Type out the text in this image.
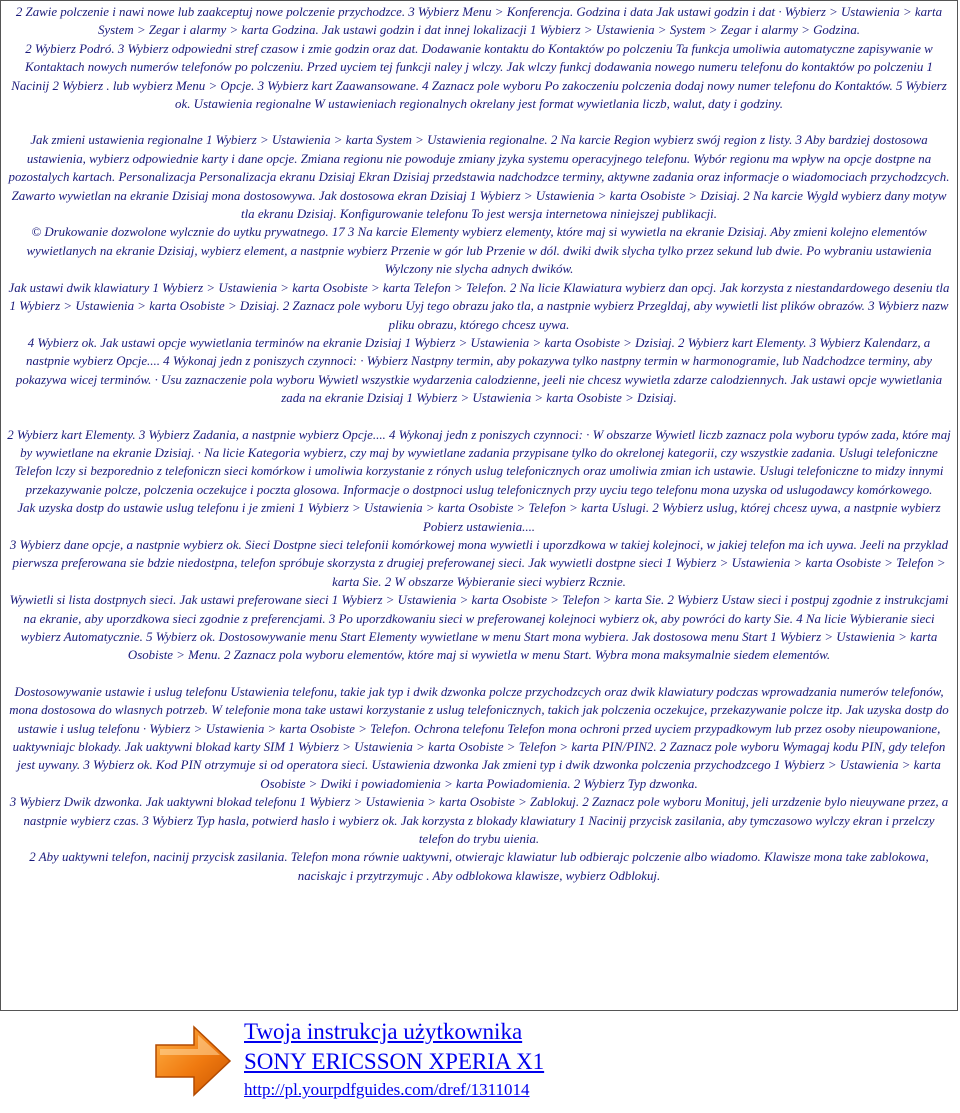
2 Zawie polczenie i nawi nowe lub zaakceptuj nowe polczenie przychodzce. 3 Wybierz Menu > Konferencja. Godzina i data Jak ustawi godzin i dat · Wybierz > Ustawienia > karta System > Zegar i alarmy > karta Godzina. Jak ustawi godzin i dat innej lokalizacji 1 Wybierz > Ustawienia > System > Zegar i alarmy > Godzina.

2 Wybierz Podró. 3 Wybierz odpowiedni stref czasow i zmie godzin oraz dat. Dodawanie kontaktu do Kontaktów po polczeniu Ta funkcja umoliwia automatyczne zapisywanie w Kontaktach nowych numerów telefonów po polczeniu. Przed uyciem tej funkcji naley j wlczy. Jak wlczy funkcj dodawania nowego numeru telefonu do kontaktów po polczeniu 1 Nacinij 2 Wybierz . lub wybierz Menu > Opcje. 3 Wybierz kart Zaawansowane. 4 Zaznacz pole wyboru Po zakoczeniu polczenia dodaj nowy numer telefonu do Kontaktów. 5 Wybierz ok. Ustawienia regionalne W ustawieniach regionalnych okrelany jest format wywietlania liczb, walut, daty i godziny.

Jak zmieni ustawienia regionalne 1 Wybierz > Ustawienia > karta System > Ustawienia regionalne. 2 Na karcie Region wybierz swój region z listy. 3 Aby bardziej dostosowa ustawienia, wybierz odpowiednie karty i dane opcje. Zmiana regionu nie powoduje zmiany jzyka systemu operacyjnego telefonu. Wybór regionu ma wpływ na opcje dostpne na pozostalych kartach. Personalizacja Personalizacja ekranu Dzisiaj Ekran Dzisiaj przedstawia nadchodzce terminy, aktywne zadania oraz informacje o wiadomociach przychodzcych. Zawarto wywietlan na ekranie Dzisiaj mona dostosowywa. Jak dostosowa ekran Dzisiaj 1 Wybierz > Ustawienia > karta Osobiste > Dzisiaj. 2 Na karcie Wygld wybierz dany motyw tla ekranu Dzisiaj. Konfigurowanie telefonu To jest wersja internetowa niniejszej publikacji.

© Drukowanie dozwolone wylcznie do uytku prywatnego. 17 3 Na karcie Elementy wybierz elementy, które maj si wywietla na ekranie Dzisiaj. Aby zmieni kolejno elementów wywietlanych na ekranie Dzisiaj, wybierz element, a nastpnie wybierz Przenie w gór lub Przenie w dól. dwiki dwik slycha tylko przez sekund lub dwie. Po wybraniu ustawienia Wylczony nie slycha adnych dwików.

Jak ustawi dwik klawiatury 1 Wybierz > Ustawienia > karta Osobiste > karta Telefon > Telefon. 2 Na licie Klawiatura wybierz dan opcj. Jak korzysta z niestandardowego deseniu tla 1 Wybierz > Ustawienia > karta Osobiste > Dzisiaj. 2 Zaznacz pole wyboru Uyj tego obrazu jako tla, a nastpnie wybierz Przegldaj, aby wywietli list plików obrazów. 3 Wybierz nazw pliku obrazu, którego chcesz uywa.

4 Wybierz ok. Jak ustawi opcje wywietlania terminów na ekranie Dzisiaj 1 Wybierz > Ustawienia > karta Osobiste > Dzisiaj. 2 Wybierz kart Elementy. 3 Wybierz Kalendarz, a nastpnie wybierz Opcje.... 4 Wykonaj jedn z poniszych czynnoci: · Wybierz Nastpny termin, aby pokazywa tylko nastpny termin w harmonogramie, lub Nadchodzce terminy, aby pokazywa wicej terminów. · Usu zaznaczenie pola wyboru Wywietl wszystkie wydarzenia calodzienne, jeeli nie chcesz wywietla zdarze calodziennych. Jak ustawi opcje wywietlania zada na ekranie Dzisiaj 1 Wybierz > Ustawienia > karta Osobiste > Dzisiaj.

2 Wybierz kart Elementy. 3 Wybierz Zadania, a nastpnie wybierz Opcje.... 4 Wykonaj jedn z poniszych czynnoci: · W obszarze Wywietl liczb zaznacz pola wyboru typów zada, które maj by wywietlane na ekranie Dzisiaj. · Na licie Kategoria wybierz, czy maj by wywietlane zadania przypisane tylko do okrelonej kategorii, czy wszystkie zadania. Uslugi telefoniczne Telefon lczy si bezporednio z telefoniczn sieci komórkow i umoliwia korzystanie z rónych uslug telefonicznych oraz umoliwia zmian ich ustawie. Uslugi telefoniczne to midzy innymi przekazywanie polcze, polczenia oczekujce i poczta glosowa. Informacje o dostpnoci uslug telefonicznych przy uyciu tego telefonu mona uzyska od uslugodawcy komórkowego.

Jak uzyska dostp do ustawie uslug telefonu i je zmieni 1 Wybierz > Ustawienia > karta Osobiste > Telefon > karta Uslugi. 2 Wybierz uslug, której chcesz uywa, a nastpnie wybierz Pobierz ustawienia....

3 Wybierz dane opcje, a nastpnie wybierz ok. Sieci Dostpne sieci telefonii komórkowej mona wywietli i uporzdkowa w takiej kolejnoci, w jakiej telefon ma ich uywa. Jeeli na przyklad pierwsza preferowana sie bdzie niedostpna, telefon spróbuje skorzysta z drugiej preferowanej sieci. Jak wywietli dostpne sieci 1 Wybierz > Ustawienia > karta Osobiste > Telefon > karta Sie. 2 W obszarze Wybieranie sieci wybierz Rcznie.

Wywietli si lista dostpnych sieci. Jak ustawi preferowane sieci 1 Wybierz > Ustawienia > karta Osobiste > Telefon > karta Sie. 2 Wybierz Ustaw sieci i postpuj zgodnie z instrukcjami na ekranie, aby uporzdkowa sieci zgodnie z preferencjami. 3 Po uporzdkowaniu sieci w preferowanej kolejnoci wybierz ok, aby powróci do karty Sie. 4 Na licie Wybieranie sieci wybierz Automatycznie. 5 Wybierz ok. Dostosowywanie menu Start Elementy wywietlane w menu Start mona wybiera. Jak dostosowa menu Start 1 Wybierz > Ustawienia > karta Osobiste > Menu. 2 Zaznacz pola wyboru elementów, które maj si wywietla w menu Start. Wybra mona maksymalnie siedem elementów.

Dostosowywanie ustawie i uslug telefonu Ustawienia telefonu, takie jak typ i dwik dzwonka polcze przychodzcych oraz dwik klawiatury podczas wprowadzania numerów telefonów, mona dostosowa do wlasnych potrzeb. W telefonie mona take ustawi korzystanie z uslug telefonicznych, takich jak polczenia oczekujce, przekazywanie polcze itp. Jak uzyska dostp do ustawie i uslug telefonu · Wybierz > Ustawienia > karta Osobiste > Telefon. Ochrona telefonu Telefon mona ochroni przed uyciem przypadkowym lub przez osoby nieupowanione, uaktywniajc blokady. Jak uaktywni blokad karty SIM 1 Wybierz > Ustawienia > karta Osobiste > Telefon > karta PIN/PIN2. 2 Zaznacz pole wyboru Wymagaj kodu PIN, gdy telefon jest uywany. 3 Wybierz ok. Kod PIN otrzymuje si od operatora sieci. Ustawienia dzwonka Jak zmieni typ i dwik dzwonka polczenia przychodzcego 1 Wybierz > Ustawienia > karta Osobiste > Dwiki i powiadomienia > karta Powiadomienia. 2 Wybierz Typ dzwonka.

3 Wybierz Dwik dzwonka. Jak uaktywni blokad telefonu 1 Wybierz > Ustawienia > karta Osobiste > Zablokuj. 2 Zaznacz pole wyboru Monituj, jeli urzdzenie bylo nieuywane przez, a nastpnie wybierz czas. 3 Wybierz Typ hasla, potwierd haslo i wybierz ok. Jak korzysta z blokady klawiatury 1 Nacinij przycisk zasilania, aby tymczasowo wylczy ekran i przelczy telefon do trybu uienia.

2 Aby uaktywni telefon, nacinij przycisk zasilania. Telefon mona równie uaktywni, otwierajc klawiatur lub odbierajc polczenie albo wiadomo. Klawisze mona take zablokowa, naciskajc i przytrzymujc . Aby odblokowa klawisze, wybierz Odblokuj.

Twoja instrukcja użytkownika
SONY ERICSSON XPERIA X1
http://pl.yourpdfguides.com/dref/1311014
